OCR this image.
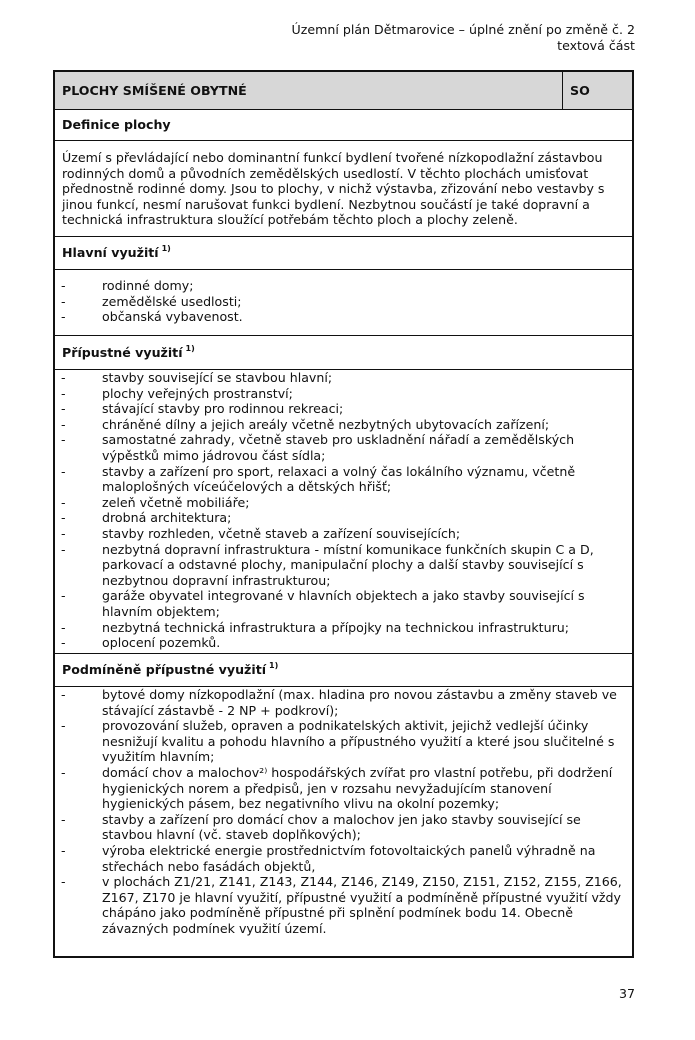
Územní plán Dětmarovice – úplné znění po změně č. 2
textová část
PLOCHY SMÍŠENÉ OBYTNÉ	SO
Definice plochy
Území s převládající nebo dominantní funkcí bydlení tvořené nízkopodlažní zástavbou rodinných domů a původních zemědělských usedlostí. V těchto plochách umisťovat přednostně rodinné domy. Jsou to plochy, v nichž výstavba, zřizování nebo vestavby s jinou funkcí, nesmí narušovat funkci bydlení. Nezbytnou součástí je také dopravní a technická infrastruktura sloužící potřebám těchto ploch a plochy zeleně.
Hlavní využití $^{1)}$
- rodinné domy;
- zemědělské usedlosti;
- občanská vybavenost.
Přípustné využití $^{1)}$
- stavby související se stavbou hlavní;
- plochy veřejných prostranství;
- stávající stavby pro rodinnou rekreaci;
- chráněné dílny a jejich areály včetně nezbytných ubytovacích zařízení;
- samostatné zahrady, včetně staveb pro uskladnění nářadí a zemědělských výpěstků mimo jádrovou část sídla;
- stavby a zařízení pro sport, relaxaci a volný čas lokálního významu, včetně maloplošných víceúčelových a dětských hřišť;
- zeleň včetně mobiliáře;
- drobná architektura;
- stavby rozhleden, včetně staveb a zařízení souvisejících;
- nezbytná dopravní infrastruktura - místní komunikace funkčních skupin C a D, parkovací a odstavné plochy, manipulační plochy a další stavby související s nezbytnou dopravní infrastrukturou;
- garáže obyvatel integrované v hlavních objektech a jako stavby související s hlavním objektem;
- nezbytná technická infrastruktura a přípojky na technickou infrastrukturu;
- oplocení pozemků.
Podmíněně přípustné využití $^{1)}$
- bytové domy nízkopodlažní (max. hladina pro novou zástavbu a změny staveb ve stávající zástavbě - 2 NP + podkroví);
- provozování služeb, opraven a podnikatelských aktivit, jejichž vedlejší účinky nesnižují kvalitu a pohodu hlavního a přípustného využití a které jsou slučitelné s využitím hlavním;
- domácí chov a malochov²⁾ hospodářských zvířat pro vlastní potřebu, při dodržení hygienických norem a předpisů, jen v rozsahu nevyžadujícím stanovení hygienických pásem, bez negativního vlivu na okolní pozemky;
- stavby a zařízení pro domácí chov a malochov jen jako stavby související se stavbou hlavní (vč. staveb doplňkových);
- výroba elektrické energie prostřednictvím fotovoltaických panelů výhradně na střechách nebo fasádách objektů,
- v plochách Z1/21, Z141, Z143, Z144, Z146, Z149, Z150, Z151, Z152, Z155, Z166, Z167, Z170 je hlavní využití, přípustné využití a podmíněně přípustné využití vždy chápáno jako podmíněně přípustné při splnění podmínek bodu 14. Obecně závazných podmínek využití území.
37
